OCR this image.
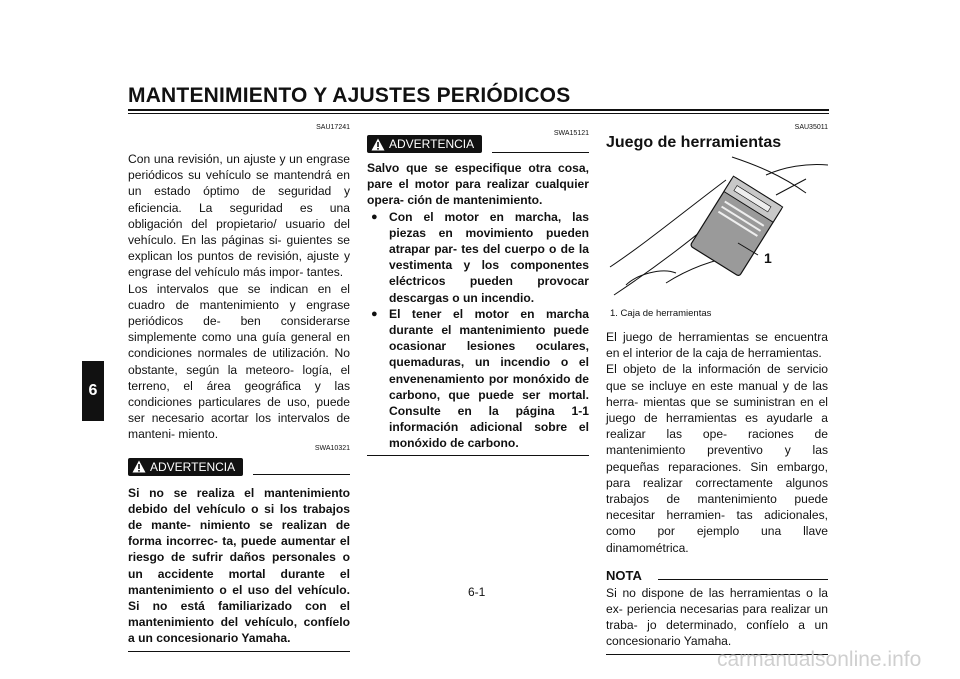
MANTENIMIENTO Y AJUSTES PERIÓDICOS
6
SAU17241
Con una revisión, un ajuste y un engrase periódicos su vehículo se mantendrá en un estado óptimo de seguridad y eficiencia. La seguridad es una obligación del propietario/ usuario del vehículo. En las páginas si- guientes se explican los puntos de revisión, ajuste y engrase del vehículo más impor- tantes.
Los intervalos que se indican en el cuadro de mantenimiento y engrase periódicos de- ben considerarse simplemente como una guía general en condiciones normales de utilización. No obstante, según la meteoro- logía, el terreno, el área geográfica y las condiciones particulares de uso, puede ser necesario acortar los intervalos de manteni- miento.
SWA10321
ADVERTENCIA
Si no se realiza el mantenimiento debido del vehículo o si los trabajos de mante- nimiento se realizan de forma incorrec- ta, puede aumentar el riesgo de sufrir daños personales o un accidente mortal durante el mantenimiento o el uso del vehículo. Si no está familiarizado con el mantenimiento del vehículo, confíelo a un concesionario Yamaha.
SWA15121
ADVERTENCIA
Salvo que se especifique otra cosa, pare el motor para realizar cualquier opera- ción de mantenimiento.
● Con el motor en marcha, las piezas en movimiento pueden atrapar par- tes del cuerpo o de la vestimenta y los componentes eléctricos pueden provocar descargas o un incendio.
● El tener el motor en marcha durante el mantenimiento puede ocasionar lesiones oculares, quemaduras, un incendio o el envenenamiento por monóxido de carbono, que puede ser mortal. Consulte en la página 1-1 información adicional sobre el monóxido de carbono.
SAU35011
Juego de herramientas
1
1. Caja de herramientas
El juego de herramientas se encuentra en el interior de la caja de herramientas.
El objeto de la información de servicio que se incluye en este manual y de las herra- mientas que se suministran en el juego de herramientas es ayudarle a realizar las ope- raciones de mantenimiento preventivo y las pequeñas reparaciones. Sin embargo, para realizar correctamente algunos trabajos de mantenimiento puede necesitar herramien- tas adicionales, como por ejemplo una llave dinamométrica.
NOTA
Si no dispone de las herramientas o la ex- periencia necesarias para realizar un traba- jo determinado, confíelo a un concesionario Yamaha.
6-1
carmanualsonline.info
